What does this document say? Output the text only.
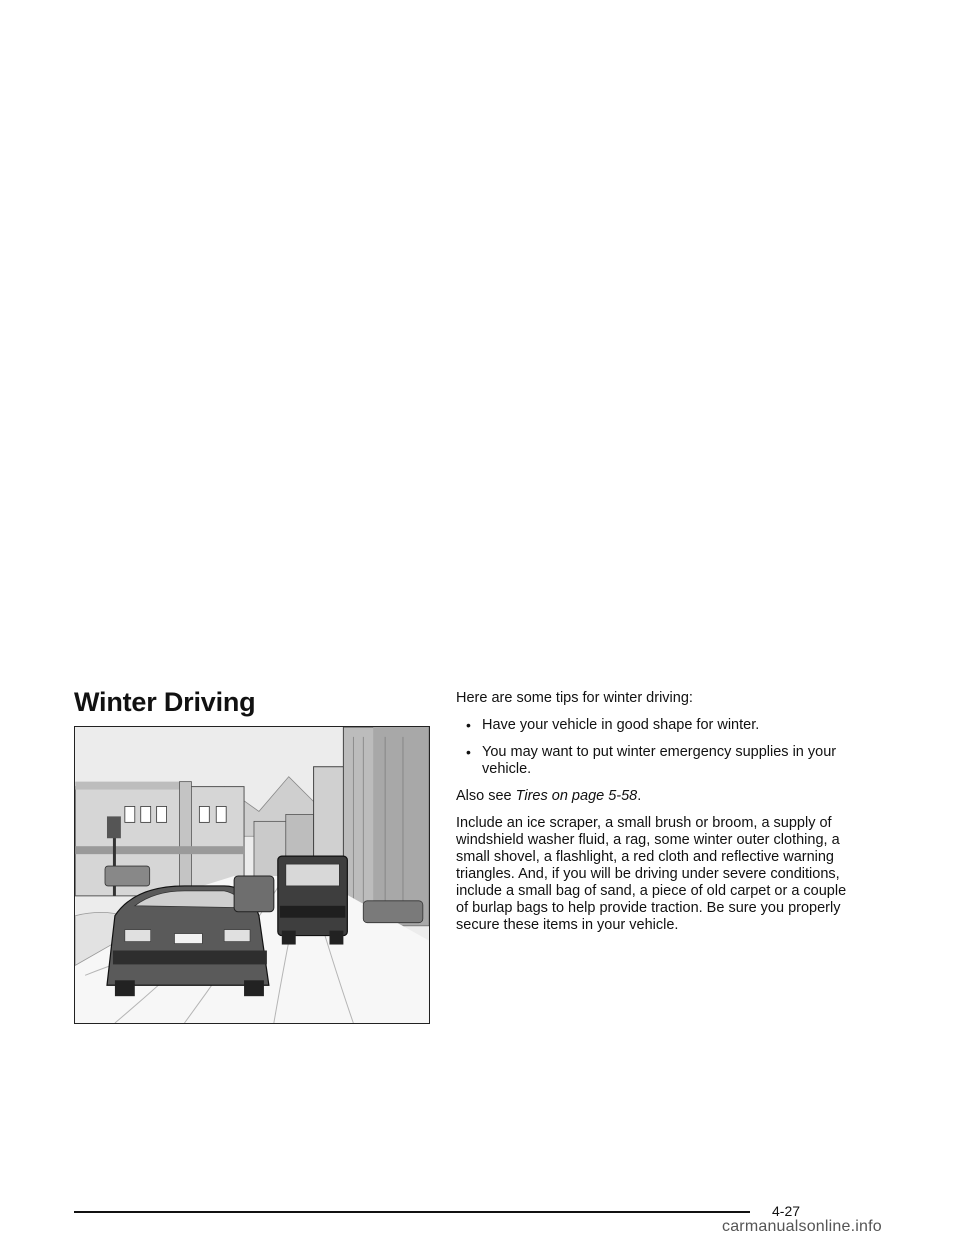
Winter Driving	Here are some tips for winter driving:

• Have your vehicle in good shape for winter.
• You may want to put winter emergency supplies in your vehicle.

Also see Tires on page 5-58.

Include an ice scraper, a small brush or broom, a supply of windshield washer fluid, a rag, some winter outer clothing, a small shovel, a flashlight, a red cloth and reflective warning triangles. And, if you will be driving under severe conditions, include a small bag of sand, a piece of old carpet or a couple of burlap bags to help provide traction. Be sure you properly secure these items in your vehicle.

4-27
carmanualsonline.info
